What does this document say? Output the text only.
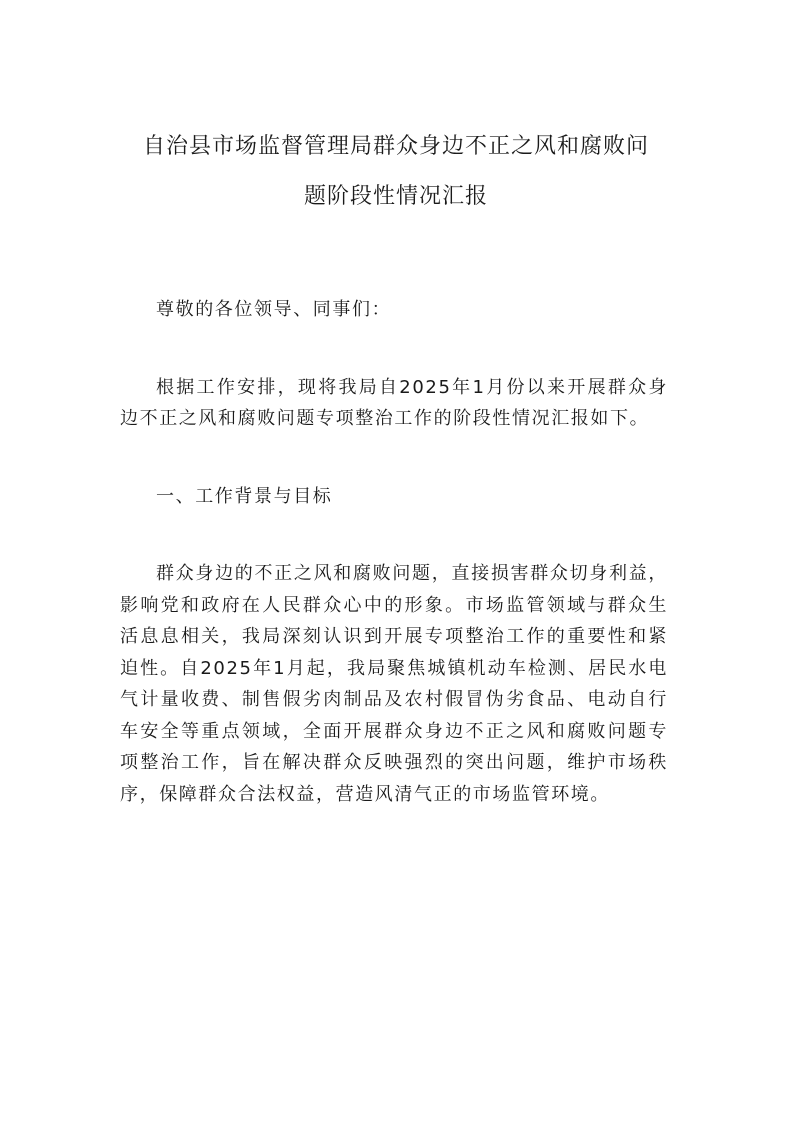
自治县市场监督管理局群众身边不正之风和腐败问题阶段性情况汇报

尊敬的各位领导、同事们：

根据工作安排，现将我局自2025年1月份以来开展群众身边不正之风和腐败问题专项整治工作的阶段性情况汇报如下。

一、工作背景与目标

群众身边的不正之风和腐败问题，直接损害群众切身利益，影响党和政府在人民群众心中的形象。市场监管领域与群众生活息息相关，我局深刻认识到开展专项整治工作的重要性和紧迫性。自2025年1月起，我局聚焦城镇机动车检测、居民水电气计量收费、制售假劣肉制品及农村假冒伪劣食品、电动自行车安全等重点领域，全面开展群众身边不正之风和腐败问题专项整治工作，旨在解决群众反映强烈的突出问题，维护市场秩序，保障群众合法权益，营造风清气正的市场监管环境。
